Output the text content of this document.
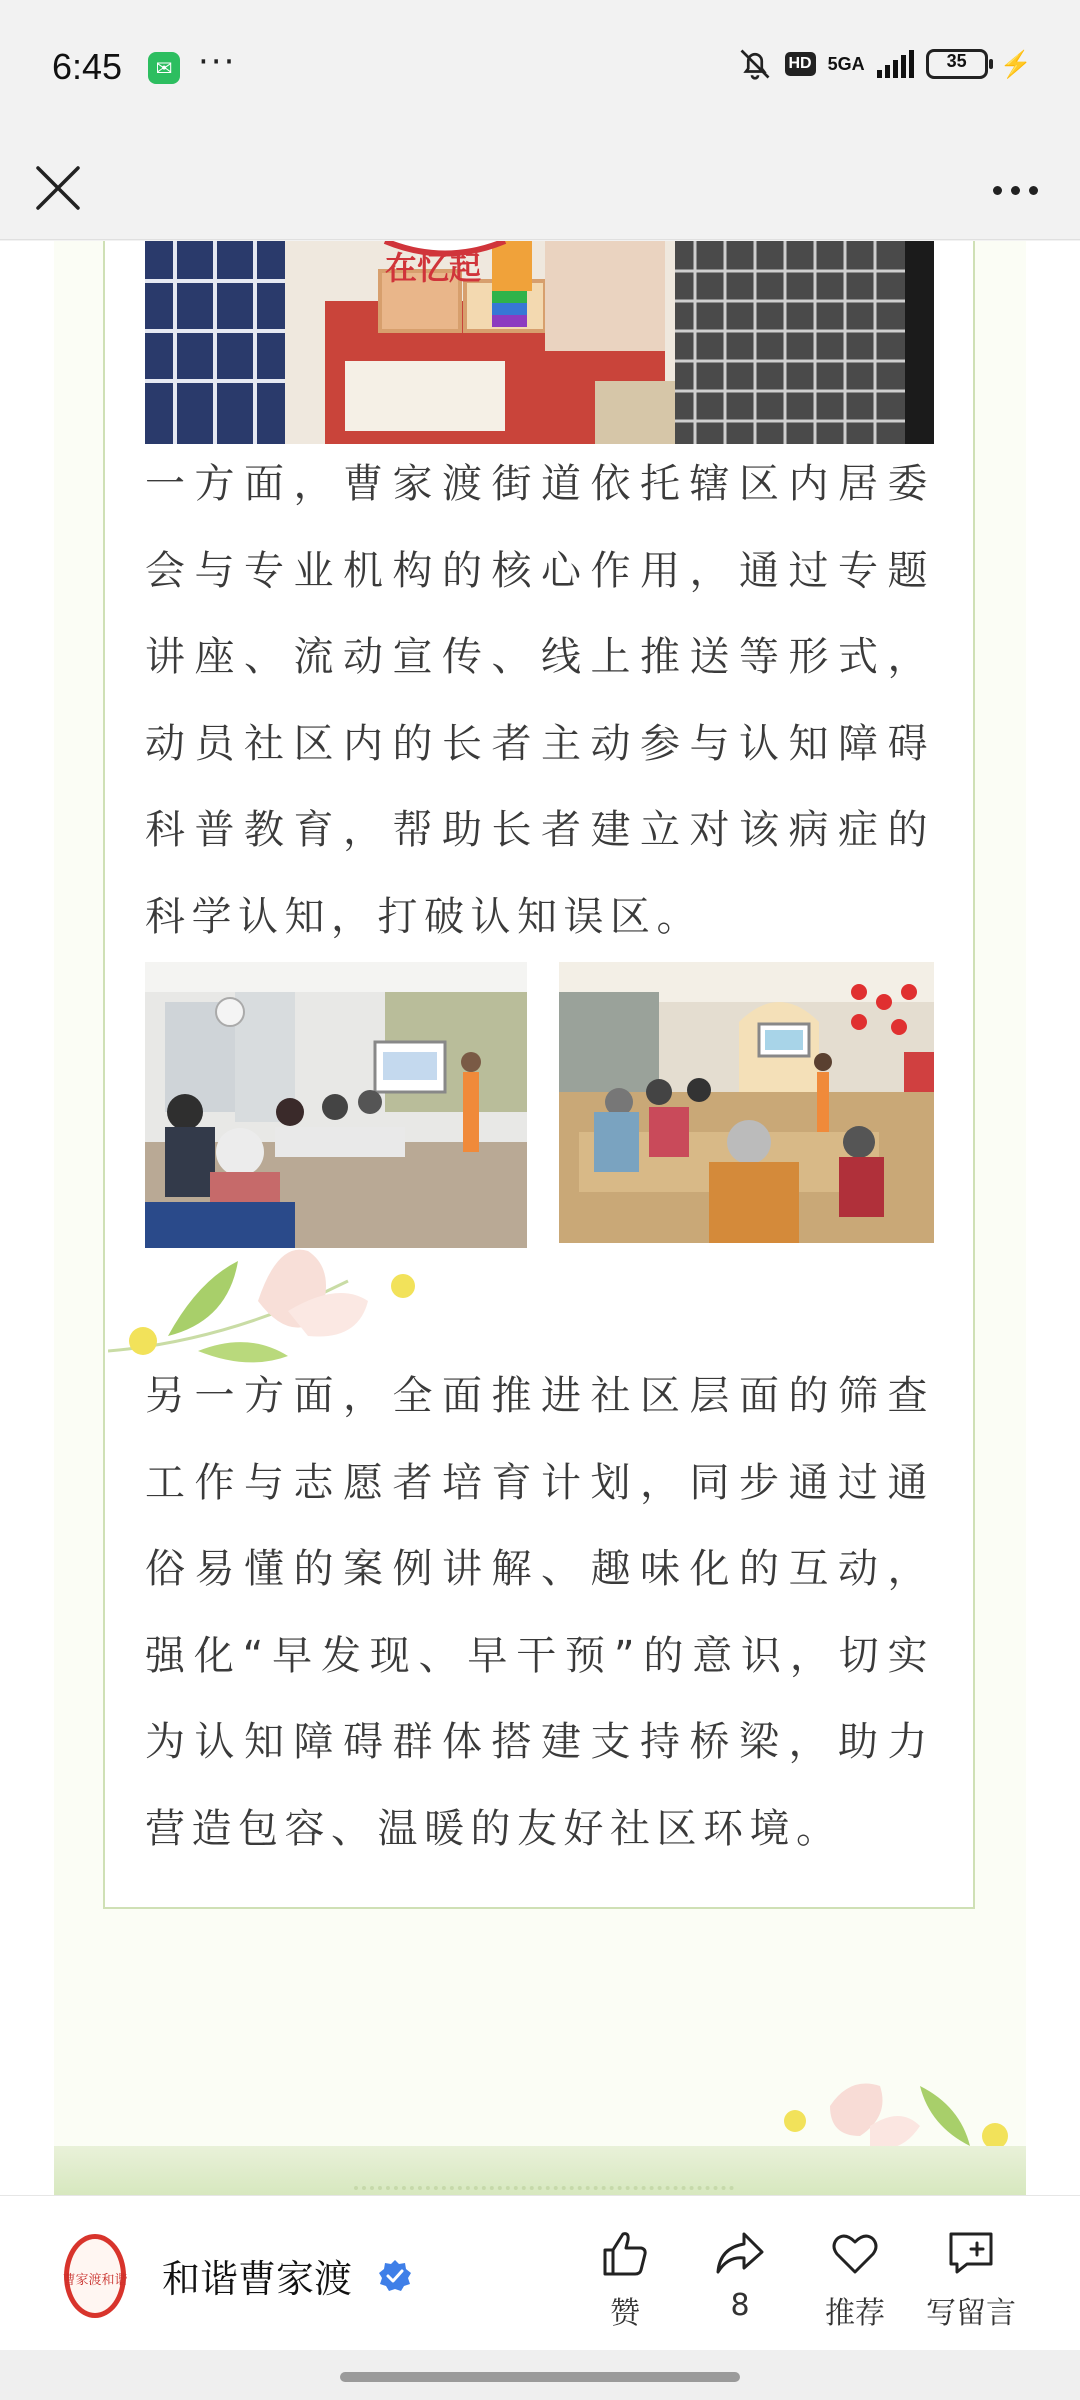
6:45	✉ ···	HD 5GA	35	⚡
在忆起
一方面，曹家渡街道依托辖区内居委会与专业机构的核心作用，通过专题讲座、流动宣传、线上推送等形式，动员社区内的长者主动参与认知障碍科普教育，帮助长者建立对该病症的科学认知，打破认知误区。
另一方面，全面推进社区层面的筛查工作与志愿者培育计划，同步通过通俗易懂的案例讲解、趣味化的互动，强化“早发现、早干预”的意识，切实为认知障碍群体搭建支持桥梁，助力营造包容、温暖的友好社区环境。
曹家渡和谐 和谐曹家渡
赞	8	推荐	写留言
